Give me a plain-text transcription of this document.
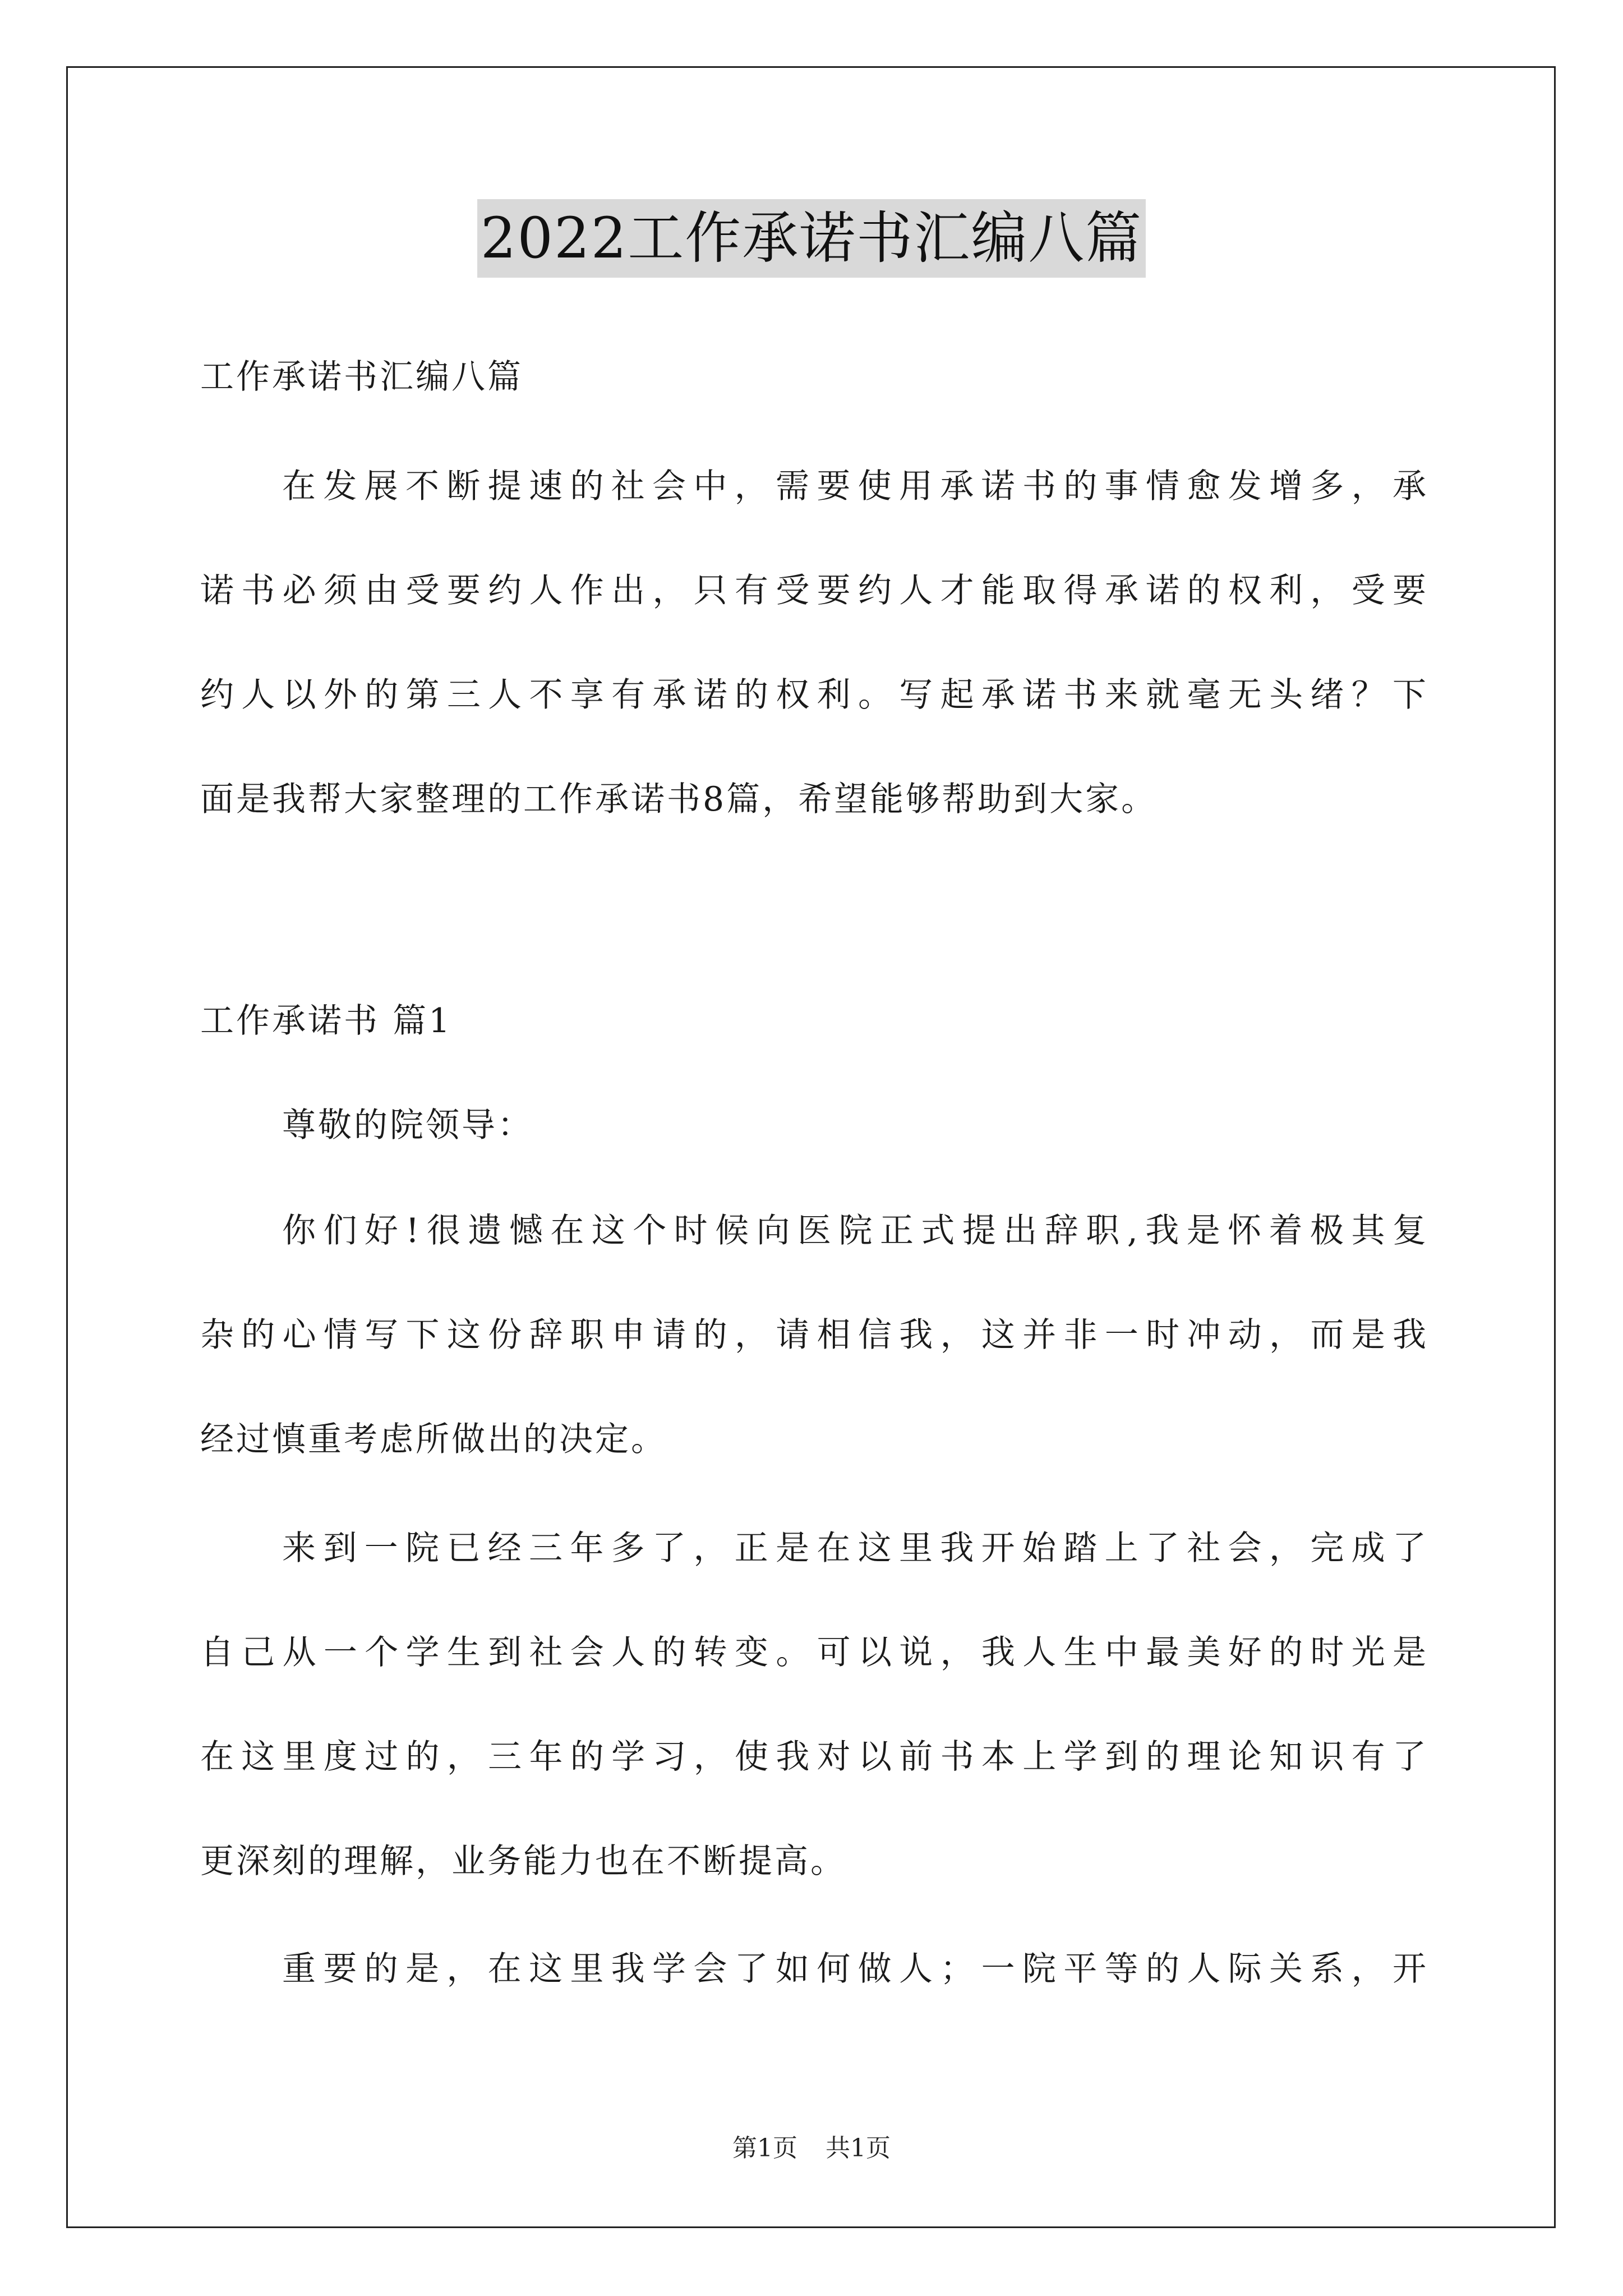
2022工作承诺书汇编八篇
工作承诺书汇编八篇
在发展不断提速的社会中，需要使用承诺书的事情愈发增多，承
诺书必须由受要约人作出，只有受要约人才能取得承诺的权利，受要
约人以外的第三人不享有承诺的权利。写起承诺书来就毫无头绪？下
面是我帮大家整理的工作承诺书8篇，希望能够帮助到大家。
工作承诺书 篇1
尊敬的院领导：
你们好!很遗憾在这个时候向医院正式提出辞职,我是怀着极其复
杂的心情写下这份辞职申请的，请相信我，这并非一时冲动，而是我
经过慎重考虑所做出的决定。
来到一院已经三年多了，正是在这里我开始踏上了社会，完成了
自己从一个学生到社会人的转变。可以说，我人生中最美好的时光是
在这里度过的，三年的学习，使我对以前书本上学到的理论知识有了
更深刻的理解，业务能力也在不断提高。
重要的是，在这里我学会了如何做人；一院平等的人际关系，开
第1页 共1页
